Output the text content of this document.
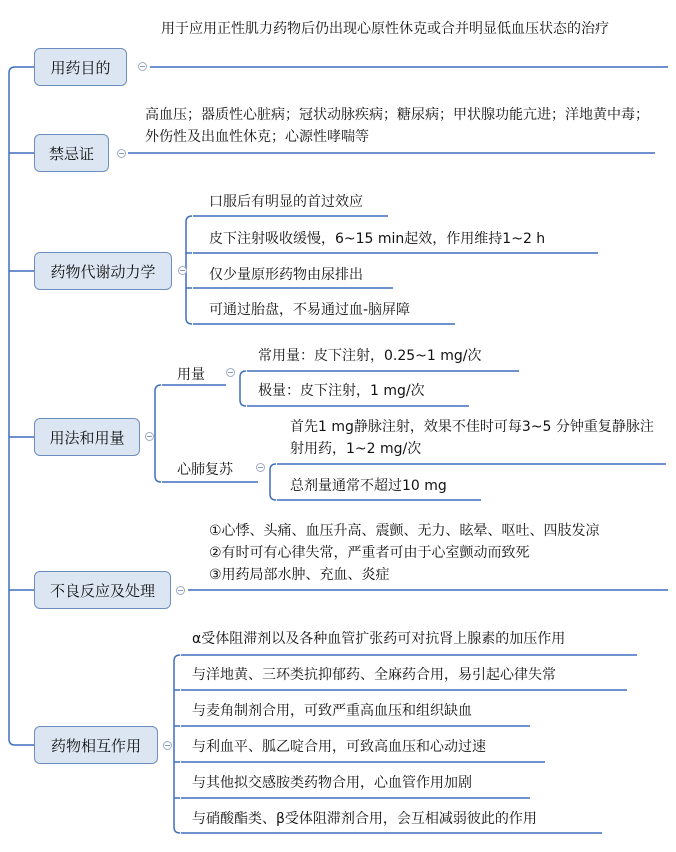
用药目的
用于应用正性肌力药物后仍出现心原性休克或合并明显低血压状态的治疗
禁忌证
高血压；器质性心脏病；冠状动脉疾病；糖尿病；甲状腺功能亢进；洋地黄中毒；外伤性及出血性休克；心源性哮喘等
药物代谢动力学
口服后有明显的首过效应
皮下注射吸收缓慢，6~15 min起效，作用维持1~2 h
仅少量原形药物由尿排出
可通过胎盘，不易通过血-脑屏障
用法和用量
用量
常用量：皮下注射，0.25~1 mg/次
极量：皮下注射，1 mg/次
心肺复苏
首先1 mg静脉注射，效果不佳时可每3~5 分钟重复静脉注射用药，1~2 mg/次
总剂量通常不超过10 mg
不良反应及处理
①心悸、头痛、血压升高、震颤、无力、眩晕、呕吐、四肢发凉
②有时可有心律失常，严重者可由于心室颤动而致死
③用药局部水肿、充血、炎症
药物相互作用
α受体阻滞剂以及各种血管扩张药可对抗肾上腺素的加压作用
与洋地黄、三环类抗抑郁药、全麻药合用，易引起心律失常
与麦角制剂合用，可致严重高血压和组织缺血
与利血平、胍乙啶合用，可致高血压和心动过速
与其他拟交感胺类药物合用，心血管作用加剧
与硝酸酯类、β受体阻滞剂合用，会互相减弱彼此的作用
